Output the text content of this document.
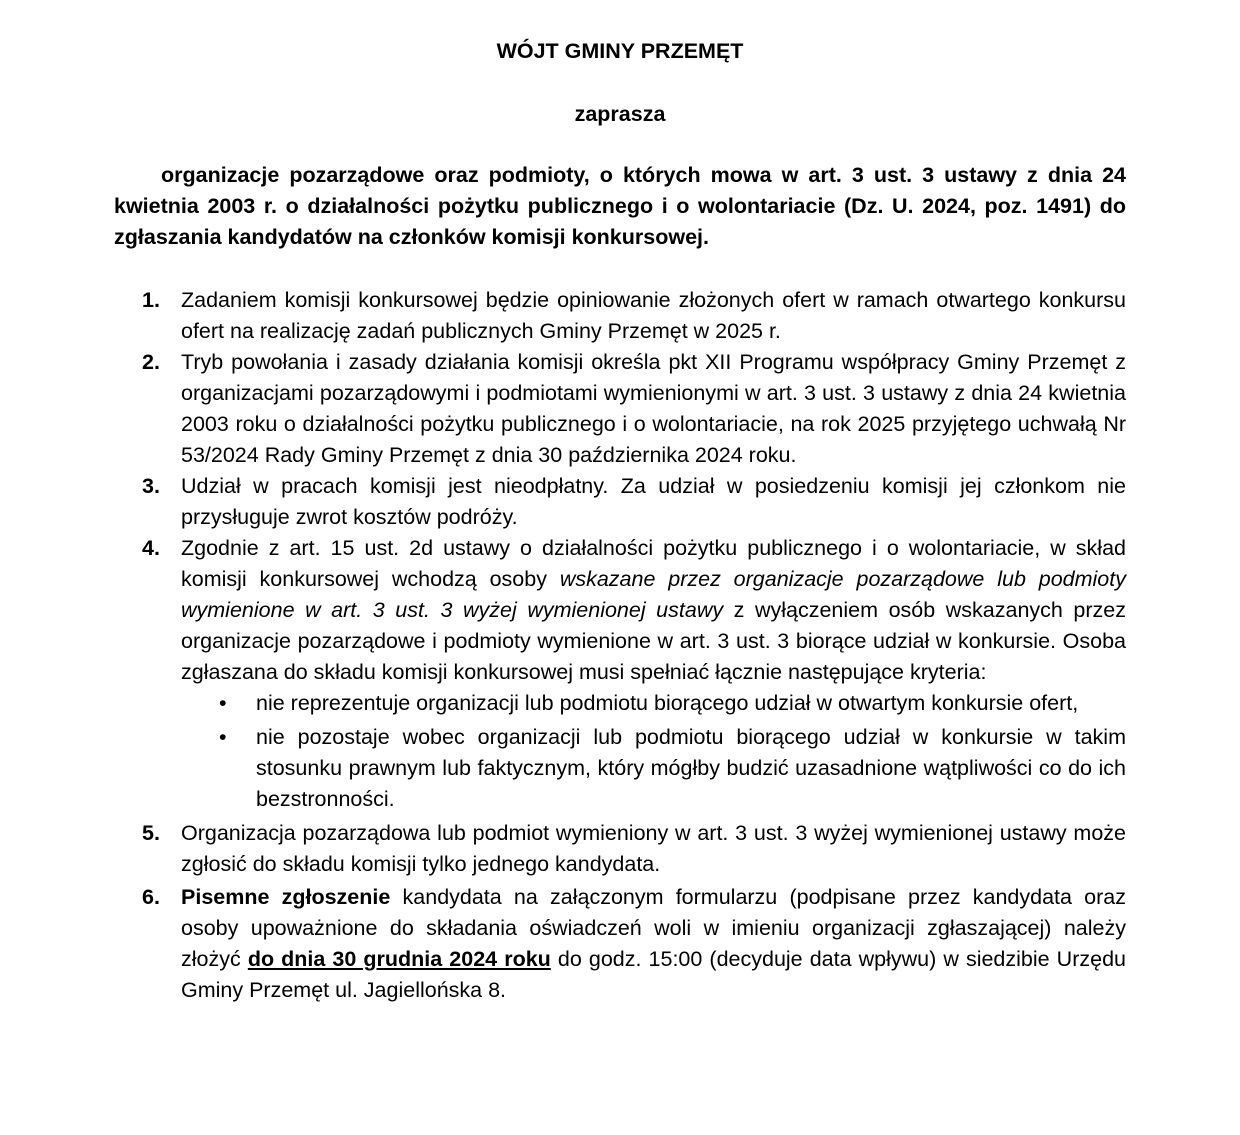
WÓJT GMINY PRZEMĘT
zaprasza

organizacje pozarządowe oraz podmioty, o których mowa w art. 3 ust. 3 ustawy z dnia 24 kwietnia 2003 r. o działalności pożytku publicznego i o wolontariacie (Dz. U. 2024, poz. 1491) do zgłaszania kandydatów na członków komisji konkursowej.

1. Zadaniem komisji konkursowej będzie opiniowanie złożonych ofert w ramach otwartego konkursu ofert na realizację zadań publicznych Gminy Przemęt w 2025 r.
2. Tryb powołania i zasady działania komisji określa pkt XII Programu współpracy Gminy Przemęt z organizacjami pozarządowymi i podmiotami wymienionymi w art. 3 ust. 3 ustawy z dnia 24 kwietnia 2003 roku o działalności pożytku publicznego i o wolontariacie, na rok 2025 przyjętego uchwałą Nr 53/2024 Rady Gminy Przemęt z dnia 30 października 2024 roku.
3. Udział w pracach komisji jest nieodpłatny. Za udział w posiedzeniu komisji jej członkom nie przysługuje zwrot kosztów podróży.
4. Zgodnie z art. 15 ust. 2d ustawy o działalności pożytku publicznego i o wolontariacie, w skład komisji konkursowej wchodzą osoby wskazane przez organizacje pozarządowe lub podmioty wymienione w art. 3 ust. 3 wyżej wymienionej ustawy z wyłączeniem osób wskazanych przez organizacje pozarządowe i podmioty wymienione w art. 3 ust. 3 biorące udział w konkursie. Osoba zgłaszana do składu komisji konkursowej musi spełniać łącznie następujące kryteria:
• nie reprezentuje organizacji lub podmiotu biorącego udział w otwartym konkursie ofert,
• nie pozostaje wobec organizacji lub podmiotu biorącego udział w konkursie w takim stosunku prawnym lub faktycznym, który mógłby budzić uzasadnione wątpliwości co do ich bezstronności.
5. Organizacja pozarządowa lub podmiot wymieniony w art. 3 ust. 3 wyżej wymienionej ustawy może zgłosić do składu komisji tylko jednego kandydata.
6. Pisemne zgłoszenie kandydata na załączonym formularzu (podpisane przez kandydata oraz osoby upoważnione do składania oświadczeń woli w imieniu organizacji zgłaszającej) należy złożyć do dnia 30 grudnia 2024 roku do godz. 15:00 (decyduje data wpływu) w siedzibie Urzędu Gminy Przemęt ul. Jagiellońska 8.
